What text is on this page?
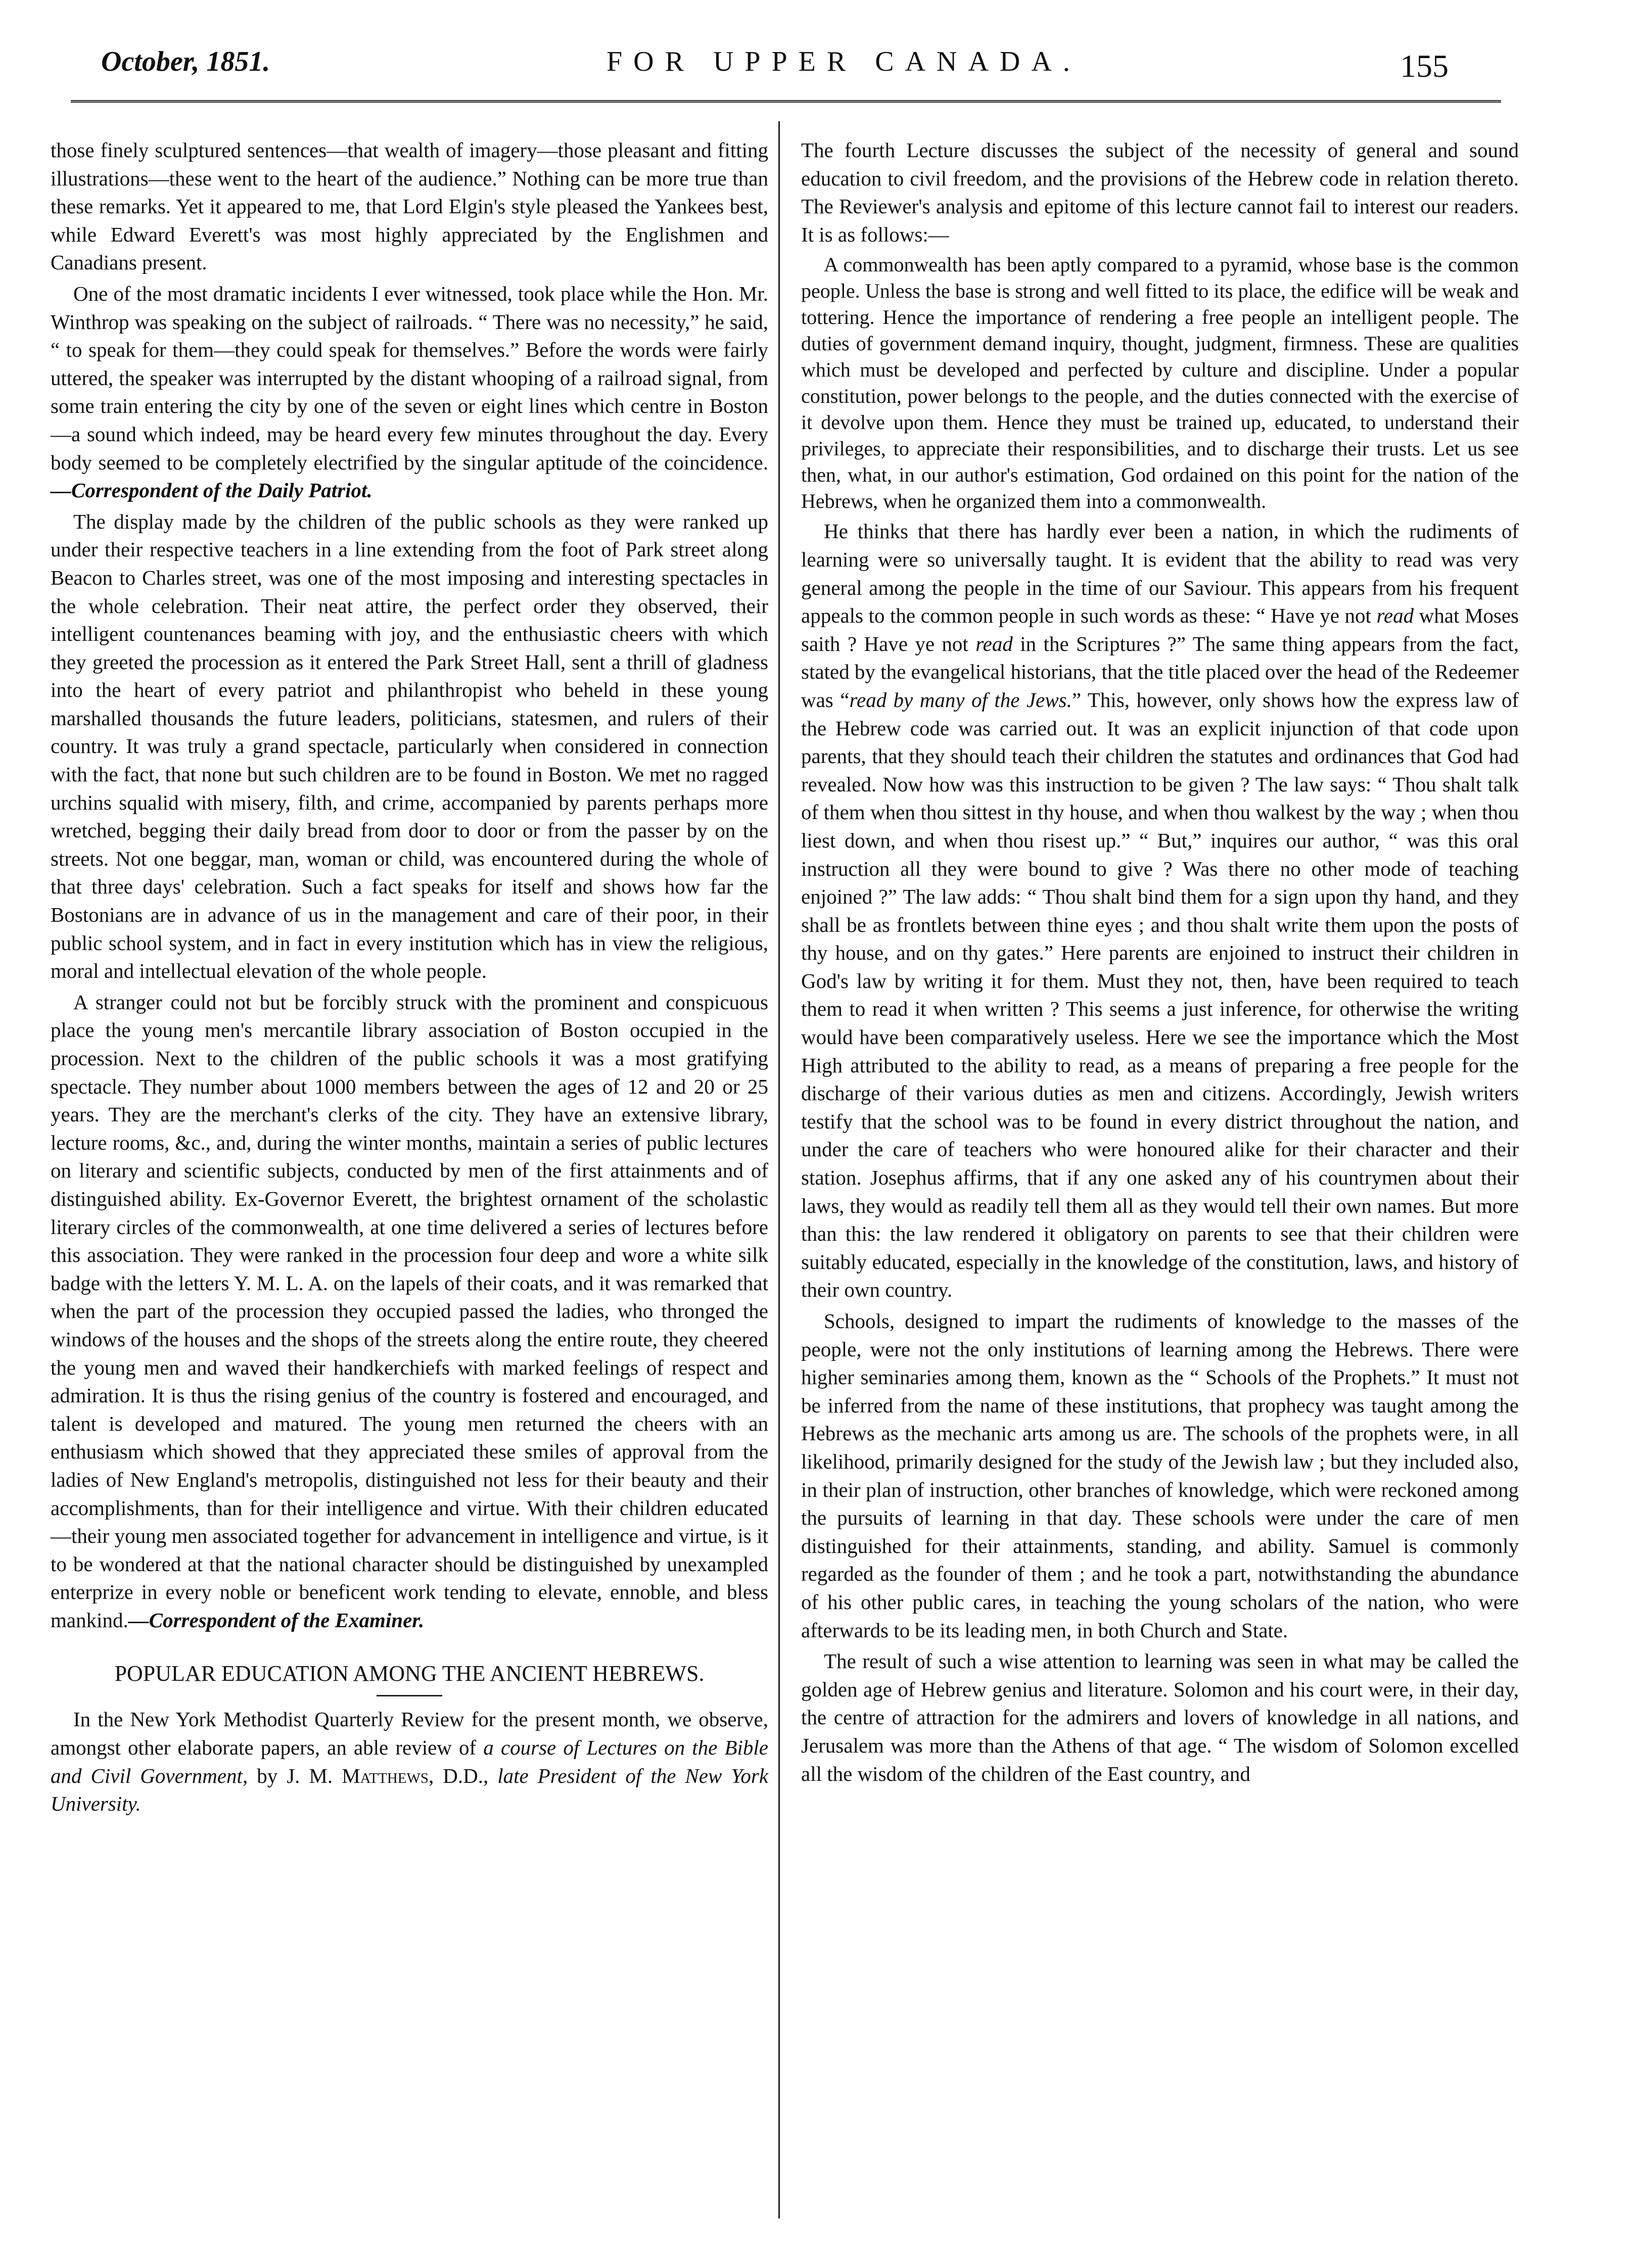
October, 1851.	FOR UPPER CANADA.	155

those finely sculptured sentences—that wealth of imagery—those pleasant and fitting illustrations—these went to the heart of the audience.” Nothing can be more true than these remarks. Yet it appeared to me, that Lord Elgin's style pleased the Yankees best, while Edward Everett's was most highly appreciated by the Englishmen and Canadians present.

One of the most dramatic incidents I ever witnessed, took place while the Hon. Mr. Winthrop was speaking on the subject of railroads. “ There was no necessity,” he said, “ to speak for them—they could speak for themselves.” Before the words were fairly uttered, the speaker was interrupted by the distant whooping of a railroad signal, from some train entering the city by one of the seven or eight lines which centre in Boston—a sound which indeed, may be heard every few minutes throughout the day. Every body seemed to be completely electrified by the singular aptitude of the coincidence.—Correspondent of the Daily Patriot.

The display made by the children of the public schools as they were ranked up under their respective teachers in a line extending from the foot of Park street along Beacon to Charles street, was one of the most imposing and interesting spectacles in the whole celebration. Their neat attire, the perfect order they observed, their intelligent countenances beaming with joy, and the enthusiastic cheers with which they greeted the procession as it entered the Park Street Hall, sent a thrill of gladness into the heart of every patriot and philanthropist who beheld in these young marshalled thousands the future leaders, politicians, statesmen, and rulers of their country. It was truly a grand spectacle, particularly when considered in connection with the fact, that none but such children are to be found in Boston. We met no ragged urchins squalid with misery, filth, and crime, accompanied by parents perhaps more wretched, begging their daily bread from door to door or from the passer by on the streets. Not one beggar, man, woman or child, was encountered during the whole of that three days' celebration. Such a fact speaks for itself and shows how far the Bostonians are in advance of us in the management and care of their poor, in their public school system, and in fact in every institution which has in view the religious, moral and intellectual elevation of the whole people.

A stranger could not but be forcibly struck with the prominent and conspicuous place the young men's mercantile library association of Boston occupied in the procession. Next to the children of the public schools it was a most gratifying spectacle. They number about 1000 members between the ages of 12 and 20 or 25 years. They are the merchant's clerks of the city. They have an extensive library, lecture rooms, &c., and, during the winter months, maintain a series of public lectures on literary and scientific subjects, conducted by men of the first attainments and of distinguished ability. Ex-Governor Everett, the brightest ornament of the scholastic literary circles of the commonwealth, at one time delivered a series of lectures before this association. They were ranked in the procession four deep and wore a white silk badge with the letters Y. M. L. A. on the lapels of their coats, and it was remarked that when the part of the procession they occupied passed the ladies, who thronged the windows of the houses and the shops of the streets along the entire route, they cheered the young men and waved their handkerchiefs with marked feelings of respect and admiration. It is thus the rising genius of the country is fostered and encouraged, and talent is developed and matured. The young men returned the cheers with an enthusiasm which showed that they appreciated these smiles of approval from the ladies of New England's metropolis, distinguished not less for their beauty and their accomplishments, than for their intelligence and virtue. With their children educated—their young men associated together for advancement in intelligence and virtue, is it to be wondered at that the national character should be distinguished by unexampled enterprize in every noble or beneficent work tending to elevate, ennoble, and bless mankind.—Correspondent of the Examiner.

POPULAR EDUCATION AMONG THE ANCIENT HEBREWS.

In the New York Methodist Quarterly Review for the present month, we observe, amongst other elaborate papers, an able review of a course of Lectures on the Bible and Civil Government, by J. M. Matthews, D.D., late President of the New York University.

The fourth Lecture discusses the subject of the necessity of general and sound education to civil freedom, and the provisions of the Hebrew code in relation thereto. The Reviewer's analysis and epitome of this lecture cannot fail to interest our readers. It is as follows:—

A commonwealth has been aptly compared to a pyramid, whose base is the common people. Unless the base is strong and well fitted to its place, the edifice will be weak and tottering. Hence the importance of rendering a free people an intelligent people. The duties of government demand inquiry, thought, judgment, firmness. These are qualities which must be developed and perfected by culture and discipline. Under a popular constitution, power belongs to the people, and the duties connected with the exercise of it devolve upon them. Hence they must be trained up, educated, to understand their privileges, to appreciate their responsibilities, and to discharge their trusts. Let us see then, what, in our author's estimation, God ordained on this point for the nation of the Hebrews, when he organized them into a commonwealth.

He thinks that there has hardly ever been a nation, in which the rudiments of learning were so universally taught. It is evident that the ability to read was very general among the people in the time of our Saviour. This appears from his frequent appeals to the common people in such words as these: “ Have ye not read what Moses saith ? Have ye not read in the Scriptures ?” The same thing appears from the fact, stated by the evangelical historians, that the title placed over the head of the Redeemer was “read by many of the Jews.” This, however, only shows how the express law of the Hebrew code was carried out. It was an explicit injunction of that code upon parents, that they should teach their children the statutes and ordinances that God had revealed. Now how was this instruction to be given ? The law says: “ Thou shalt talk of them when thou sittest in thy house, and when thou walkest by the way ; when thou liest down, and when thou risest up.” “ But,” inquires our author, “ was this oral instruction all they were bound to give ? Was there no other mode of teaching enjoined ?” The law adds: “ Thou shalt bind them for a sign upon thy hand, and they shall be as frontlets between thine eyes ; and thou shalt write them upon the posts of thy house, and on thy gates.” Here parents are enjoined to instruct their children in God's law by writing it for them. Must they not, then, have been required to teach them to read it when written ? This seems a just inference, for otherwise the writing would have been comparatively useless. Here we see the importance which the Most High attributed to the ability to read, as a means of preparing a free people for the discharge of their various duties as men and citizens. Accordingly, Jewish writers testify that the school was to be found in every district throughout the nation, and under the care of teachers who were honoured alike for their character and their station. Josephus affirms, that if any one asked any of his countrymen about their laws, they would as readily tell them all as they would tell their own names. But more than this: the law rendered it obligatory on parents to see that their children were suitably educated, especially in the knowledge of the constitution, laws, and history of their own country.

Schools, designed to impart the rudiments of knowledge to the masses of the people, were not the only institutions of learning among the Hebrews. There were higher seminaries among them, known as the “ Schools of the Prophets.” It must not be inferred from the name of these institutions, that prophecy was taught among the Hebrews as the mechanic arts among us are. The schools of the prophets were, in all likelihood, primarily designed for the study of the Jewish law ; but they included also, in their plan of instruction, other branches of knowledge, which were reckoned among the pursuits of learning in that day. These schools were under the care of men distinguished for their attainments, standing, and ability. Samuel is commonly regarded as the founder of them ; and he took a part, notwithstanding the abundance of his other public cares, in teaching the young scholars of the nation, who were afterwards to be its leading men, in both Church and State.

The result of such a wise attention to learning was seen in what may be called the golden age of Hebrew genius and literature. Solomon and his court were, in their day, the centre of attraction for the admirers and lovers of knowledge in all nations, and Jerusalem was more than the Athens of that age. “ The wisdom of Solomon excelled all the wisdom of the children of the East country, and
